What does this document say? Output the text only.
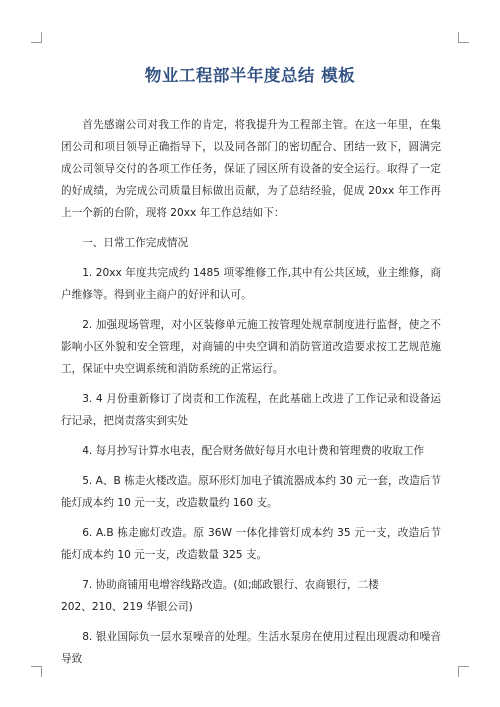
物业工程部半年度总结 模板

首先感谢公司对我工作的肯定，将我提升为工程部主管。在这一年里，在集团公司和项目领导正确指导下，以及同各部门的密切配合、团结一致下，圆满完成公司领导交付的各项工作任务，保证了园区所有设备的安全运行。取得了一定的好成绩，为完成公司质量目标做出贡献，为了总结经验，促成 20xx 年工作再上一个新的台阶，现将 20xx 年工作总结如下：

一、日常工作完成情况

1. 20xx 年度共完成约 1485 项零维修工作,其中有公共区域，业主维修，商户维修等。得到业主商户的好评和认可。

2. 加强现场管理，对小区装修单元施工按管理处规章制度进行监督，使之不影响小区外貌和安全管理，对商铺的中央空调和消防管道改造要求按工艺规范施工，保证中央空调系统和消防系统的正常运行。

3. 4 月份重新修订了岗责和工作流程，在此基础上改进了工作记录和设备运行记录，把岗责落实到实处

4. 每月抄写计算水电表，配合财务做好每月水电计费和管理费的收取工作

5. A、B 栋走火楼改造。原环形灯加电子镇流器成本约 30 元一套，改造后节能灯成本约 10 元一支，改造数量约 160 支。

6. A.B 栋走廊灯改造。原 36W 一体化排管灯成本约 35 元一支，改造后节能灯成本约 10 元一支，改造数量 325 支。

7. 协助商铺用电增容线路改造。(如;邮政银行、农商银行，二楼

202、210、219 华银公司)

8. 银业国际负一层水泵噪音的处理。生活水泵房在使用过程出现震动和噪音导致
